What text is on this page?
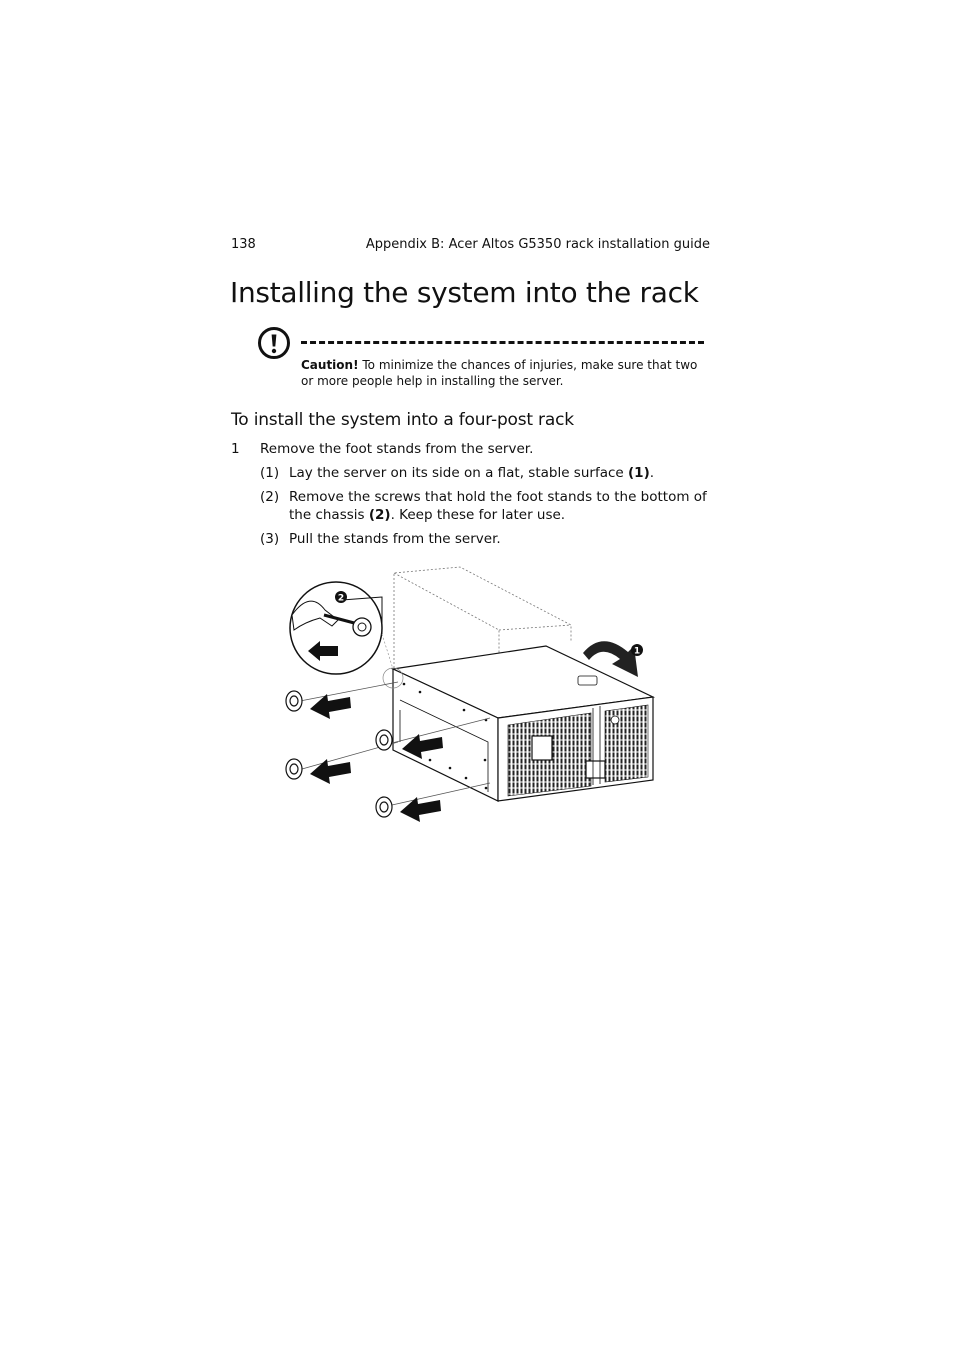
138	Appendix B: Acer Altos G5350 rack installation guide
Installing the system into the rack
Caution! To minimize the chances of injuries, make sure that two or more people help in installing the server.
To install the system into a four-post rack
1 Remove the foot stands from the server.
(1) Lay the server on its side on a flat, stable surface (1).
(2) Remove the screws that hold the foot stands to the bottom of the chassis (2). Keep these for later use.
(3) Pull the stands from the server.
1
2
